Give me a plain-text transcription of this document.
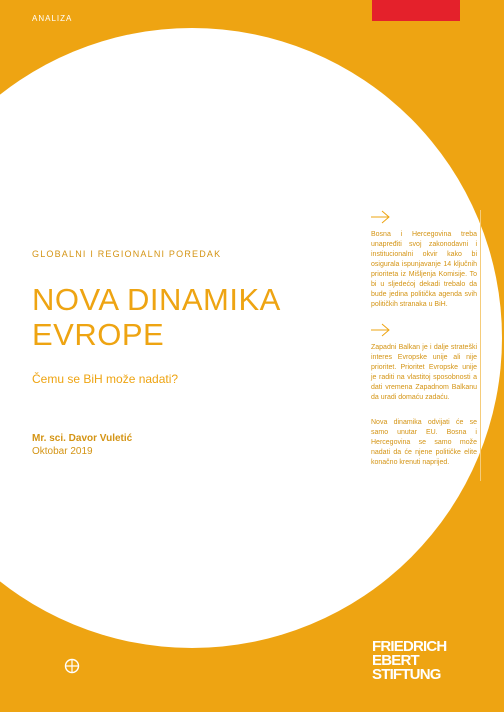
ANALIZA
GLOBALNI I REGIONALNI POREDAK
NOVA DINAMIKA
EVROPE
Čemu se BiH može nadati?
Mr. sci. Davor Vuletić
Oktobar 2019
Bosna i Hercegovina treba unapređiti svoj zakonodavni i institucionalni okvir kako bi osigurala ispunjavanje 14 ključnih prioriteta iz Mišljenja Komisije. To bi u sljedećoj dekadi trebalo da bude jedina politička agenda svih političkih stranaka u BiH.
Zapadni Balkan je i dalje strateški interes Evropske unije ali nije prioritet. Prioritet Evropske unije je raditi na vlastitoj sposobnosti a dati vremena Zapadnom Balkanu da uradi domaću zadaću.
Nova dinamika odvijati će se samo unutar EU. Bosna i Hercegovina se samo može nadati da će njene političke elite konačno krenuti naprijed.
FRIEDRICH
EBERT
STIFTUNG
